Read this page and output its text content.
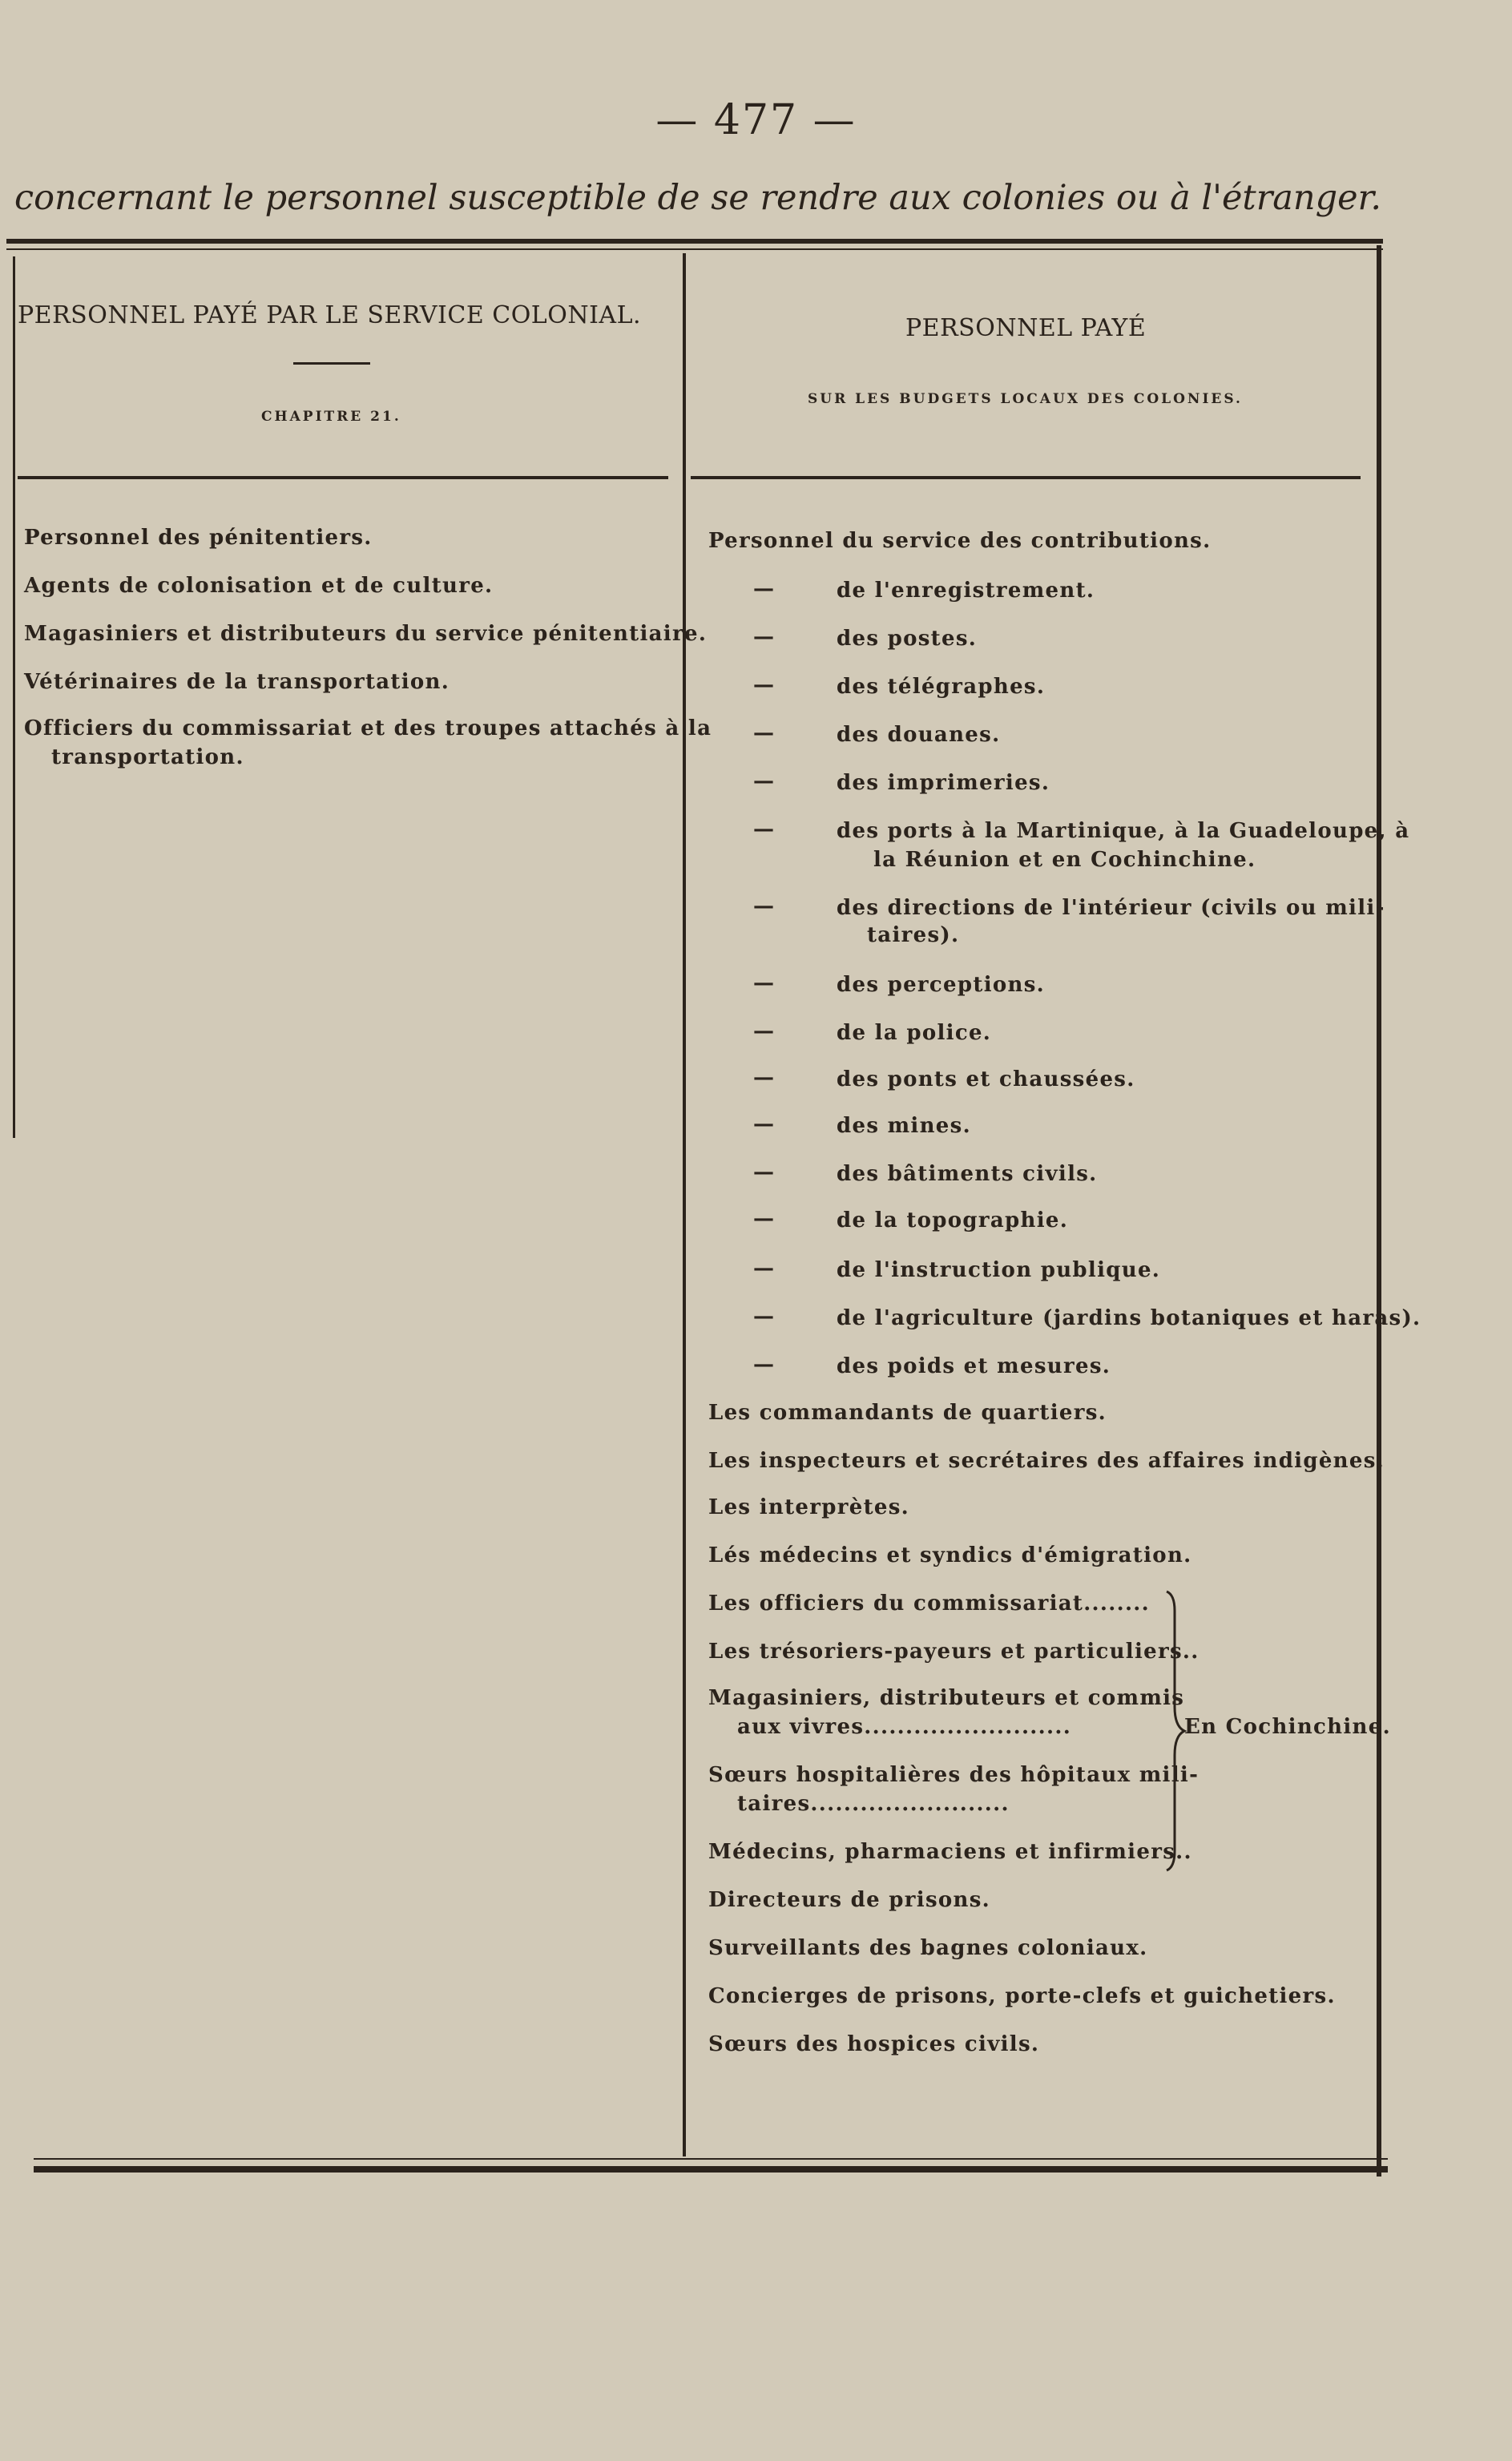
— 477 —
concernant le personnel susceptible de se rendre aux colonies ou à l'étranger.
PERSONNEL PAYÉ PAR LE SERVICE COLONIAL.
CHAPITRE 21.
Personnel des pénitentiers.
Agents de colonisation et de culture.
Magasiniers et distributeurs du service pénitentiaire.
Vétérinaires de la transportation.
Officiers du commissariat et des troupes attachés à la
transportation.
PERSONNEL PAYÉ
SUR LES BUDGETS LOCAUX DES COLONIES.
Personnel du service des contributions.
—	de l'enregistrement.
—	des postes.
—	des télégraphes.
—	des douanes.
—	des imprimeries.
—	des ports à la Martinique, à la Guadeloupe, à
la Réunion et en Cochinchine.
—	des directions de l'intérieur (civils ou mili-
taires).
—	des perceptions.
—	de la police.
—	des ponts et chaussées.
—	des mines.
—	des bâtiments civils.
—	de la topographie.
—	de l'instruction publique.
—	de l'agriculture (jardins botaniques et haras).
—	des poids et mesures.
Les commandants de quartiers.
Les inspecteurs et secrétaires des affaires indigènes.
Les interprètes.
Lés médecins et syndics d'émigration.
Les officiers du commissariat........
Les trésoriers-payeurs et particuliers..
Magasiniers, distributeurs et commis
aux vivres.........................
Sœurs hospitalières des hôpitaux mili-
taires........................
Médecins, pharmaciens et infirmiers..
En Cochinchine.
Directeurs de prisons.
Surveillants des bagnes coloniaux.
Concierges de prisons, porte-clefs et guichetiers.
Sœurs des hospices civils.
